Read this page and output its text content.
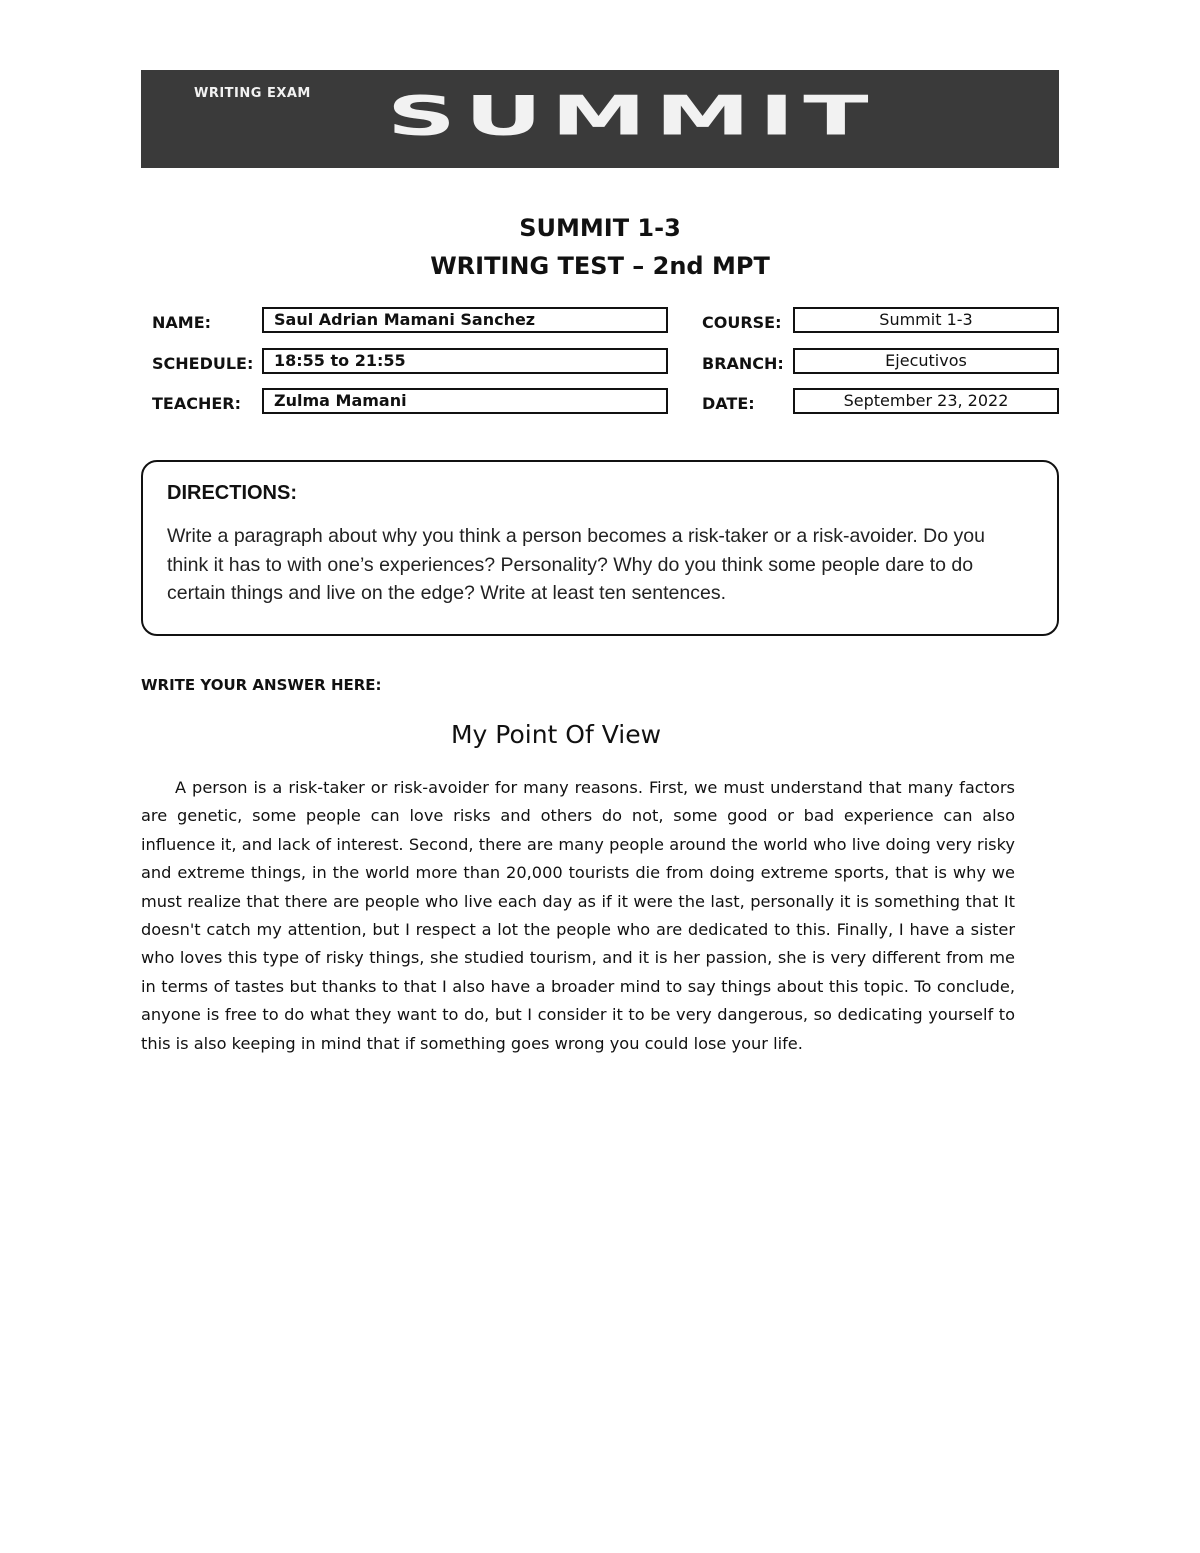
WRITING EXAM SUMMIT
SUMMIT 1-3
WRITING TEST – 2nd MPT
NAME:	Saul Adrian Mamani Sanchez
SCHEDULE:	18:55 to 21:55
TEACHER:	Zulma Mamani
COURSE:	Summit 1-3
BRANCH:	Ejecutivos
DATE:	September 23, 2022
DIRECTIONS:
Write a paragraph about why you think a person becomes a risk-taker or a risk-avoider. Do you think it has to with one’s experiences? Personality? Why do you think some people dare to do certain things and live on the edge? Write at least ten sentences.
WRITE YOUR ANSWER HERE:
My Point Of View

A person is a risk-taker or risk-avoider for many reasons. First, we must understand that many factors are genetic, some people can love risks and others do not, some good or bad experience can also influence it, and lack of interest. Second, there are many people around the world who live doing very risky and extreme things, in the world more than 20,000 tourists die from doing extreme sports, that is why we must realize that there are people who live each day as if it were the last, personally it is something that It doesn't catch my attention, but I respect a lot the people who are dedicated to this. Finally, I have a sister who loves this type of risky things, she studied tourism, and it is her passion, she is very different from me in terms of tastes but thanks to that I also have a broader mind to say things about this topic. To conclude, anyone is free to do what they want to do, but I consider it to be very dangerous, so dedicating yourself to this is also keeping in mind that if something goes wrong you could lose your life.
